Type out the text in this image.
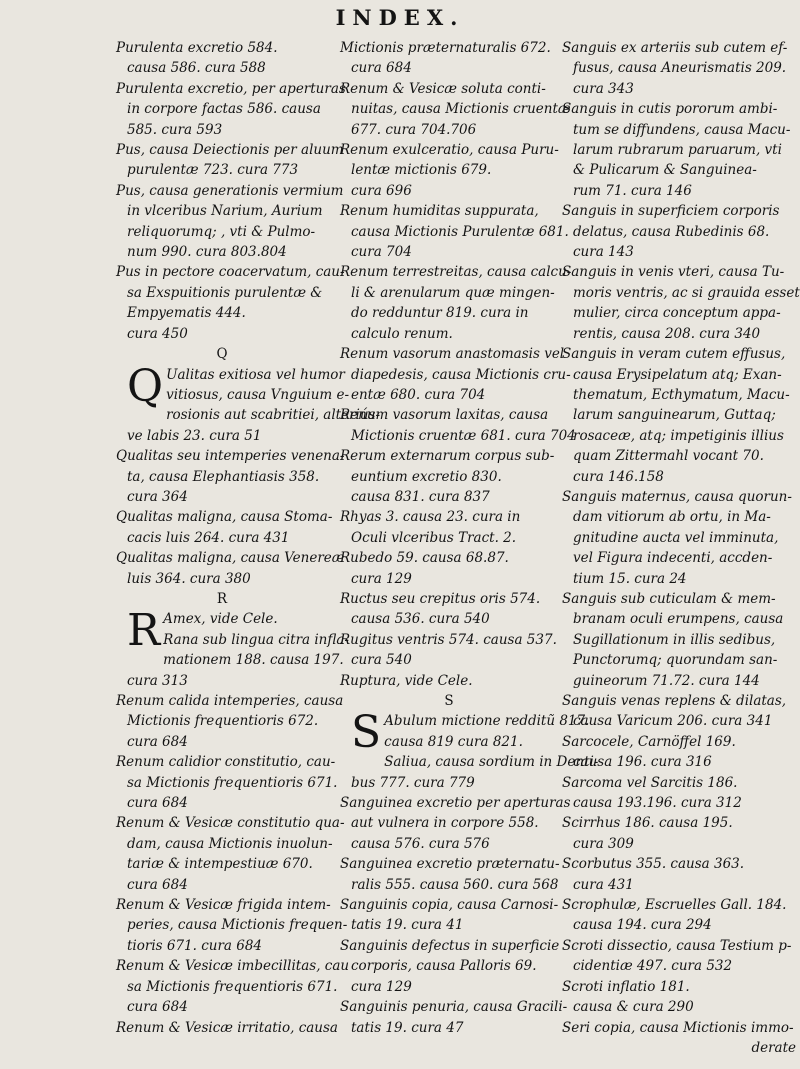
INDEX.
Purulenta excretio 584.
causa 586. cura 588
Purulenta excretio, per aperturas
in corpore factas 586. causa
585. cura 593
Pus, causa Deiectionis per aluum
purulentæ 723. cura 773
Pus, causa generationis vermium
in vlceribus Narium, Aurium
reliquorumq; , vti & Pulmo-
num 990. cura 803.804
Pus in pectore coacervatum, cau-
sa Exspuitionis purulentæ &
Empyematis 444.
cura 450
Q
Q Ualitas exitiosa vel humor
vitiosus, causa Vnguium e-
rosionis aut scabritiei, alteriús-
ve labis 23. cura 51
Qualitas seu intemperies venena-
ta, causa Elephantiasis 358.
cura 364
Qualitas maligna, causa Stoma-
cacis luis 264. cura 431
Qualitas maligna, causa Venereæ
luis 364. cura 380
R
R Amex, vide Cele.
Rana sub lingua citra infla-
mationem 188. causa 197.
cura 313
Renum calida intemperies, causa
Mictionis frequentioris 672.
cura 684
Renum calidior constitutio, cau-
sa Mictionis frequentioris 671.
cura 684
Renum & Vesicæ constitutio qua-
dam, causa Mictionis inuolun-
tariæ & intempestiuæ 670.
cura 684
Renum & Vesicæ frigida intem-
peries, causa Mictionis frequen-
tioris 671. cura 684
Renum & Vesicæ imbecillitas, cau
sa Mictionis frequentioris 671.
cura 684
Renum & Vesicæ irritatio, causa
Mictionis præternaturalis 672.
cura 684
Renum & Vesicæ soluta conti-
nuitas, causa Mictionis cruentæ
677. cura 704.706
Renum exulceratio, causa Puru-
lentæ mictionis 679.
cura 696
Renum humiditas suppurata,
causa Mictionis Purulentæ 681.
cura 704
Renum terrestreitas, causa calcu-
li & arenularum quæ mingen-
do redduntur 819. cura in
calculo renum.
Renum vasorum anastomasis vel
diapedesis, causa Mictionis cru-
entæ 680. cura 704
Renum vasorum laxitas, causa
Mictionis cruentæ 681. cura 704
Rerum externarum corpus sub-
euntium excretio 830.
causa 831. cura 837
Rhyas 3. causa 23. cura in
Oculi vlceribus Tract. 2.
Rubedo 59. causa 68.87.
cura 129
Ructus seu crepitus oris 574.
causa 536. cura 540
Rugitus ventris 574. causa 537.
cura 540
Ruptura, vide Cele.
S
S Abulum mictione redditũ 817.
causa 819 cura 821.
Saliua, causa sordium in Denti-
bus 777. cura 779
Sanguinea excretio per aperturas
aut vulnera in corpore 558.
causa 576. cura 576
Sanguinea excretio præternatu-
ralis 555. causa 560. cura 568
Sanguinis copia, causa Carnosi-
tatis 19. cura 41
Sanguinis defectus in superficie
corporis, causa Palloris 69.
cura 129
Sanguinis penuria, causa Gracili-
tatis 19. cura 47
Sanguis ex arteriis sub cutem ef-
fusus, causa Aneurismatis 209.
cura 343
Sanguis in cutis pororum ambi-
tum se diffundens, causa Macu-
larum rubrarum paruarum, vti
& Pulicarum & Sanguinea-
rum 71. cura 146
Sanguis in superficiem corporis
delatus, causa Rubedinis 68.
cura 143
Sanguis in venis vteri, causa Tu-
moris ventris, ac si grauida esset
mulier, circa conceptum appa-
rentis, causa 208. cura 340
Sanguis in veram cutem effusus,
causa Erysipelatum atq; Exan-
thematum, Ecthymatum, Macu-
larum sanguinearum, Guttaq;
rosaceæ, atq; impetiginis illius
quam Zittermahl vocant 70.
cura 146.158
Sanguis maternus, causa quorun-
dam vitiorum ab ortu, in Ma-
gnitudine aucta vel imminuta,
vel Figura indecenti, accden-
tium 15. cura 24
Sanguis sub cuticulam & mem-
branam oculi erumpens, causa
Sugillationum in illis sedibus,
Punctorumq; quorundam san-
guineorum 71.72. cura 144
Sanguis venas replens & dilatas,
causa Varicum 206. cura 341
Sarcocele, Carnöffel 169.
causa 196. cura 316
Sarcoma vel Sarcitis 186.
causa 193.196. cura 312
Scirrhus 186. causa 195.
cura 309
Scorbutus 355. causa 363.
cura 431
Scrophulæ, Escruelles Gall. 184.
causa 194. cura 294
Scroti dissectio, causa Testium p-
cidentiæ 497. cura 532
Scroti inflatio 181.
causa & cura 290
Seri copia, causa Mictionis immo-
derate
